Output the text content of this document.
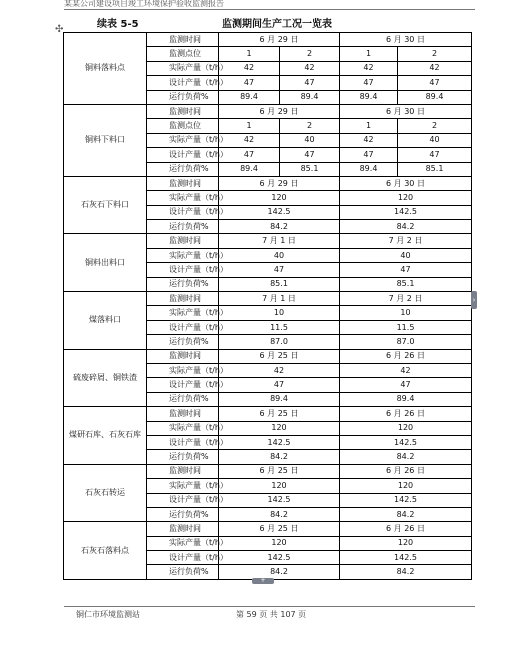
某某公司建设项目竣工环境保护验收监测报告
✣	续表 5-5	监测期间生产工况一览表
铜料落料点	监测时间	6 月 29 日		6 月 30 日	
	监测点位	1	2	1	2
	实际产量（t/h）	42	42	42	42
	设计产量（t/h）	47	47	47	47
	运行负荷%	89.4	89.4	89.4	89.4
铜料下料口	监测时间	6 月 29 日		6 月 30 日	
	监测点位	1	2	1	2
	实际产量（t/h）	42	40	42	40
	设计产量（t/h）	47	47	47	47
	运行负荷%	89.4	85.1	89.4	85.1
石灰石下料口	监测时间	6 月 29 日		6 月 30 日	
	实际产量（t/h）	120		120	
	设计产量（t/h）	142.5		142.5	
	运行负荷%	84.2		84.2	
铜料出料口	监测时间	7 月 1 日		7 月 2 日	
	实际产量（t/h）	40		40	
	设计产量（t/h）	47		47	
	运行负荷%	85.1		85.1	
煤落料口	监测时间	7 月 1 日		7 月 2 日	
	实际产量（t/h）	10		10	
	设计产量（t/h）	11.5		11.5	
	运行负荷%	87.0		87.0	
硫废碎屑、铜铁渣	监测时间	6 月 25 日		6 月 26 日	
	实际产量（t/h）	42		42	
	设计产量（t/h）	47		47	
	运行负荷%	89.4		89.4	
煤研石库、石灰石库	监测时间	6 月 25 日		6 月 26 日	
	实际产量（t/h）	120		120	
	设计产量（t/h）	142.5		142.5	
	运行负荷%	84.2		84.2	
石灰石转运	监测时间	6 月 25 日		6 月 26 日	
	实际产量（t/h）	120		120	
	设计产量（t/h）	142.5		142.5	
	运行负荷%	84.2		84.2	
石灰石落料点	监测时间	6 月 25 日		6 月 26 日	
	实际产量（t/h）	120		120	
	设计产量（t/h）	142.5		142.5	
	运行负荷%	84.2		84.2	
›
+
铜仁市环境监测站	第 59 页 共 107 页
